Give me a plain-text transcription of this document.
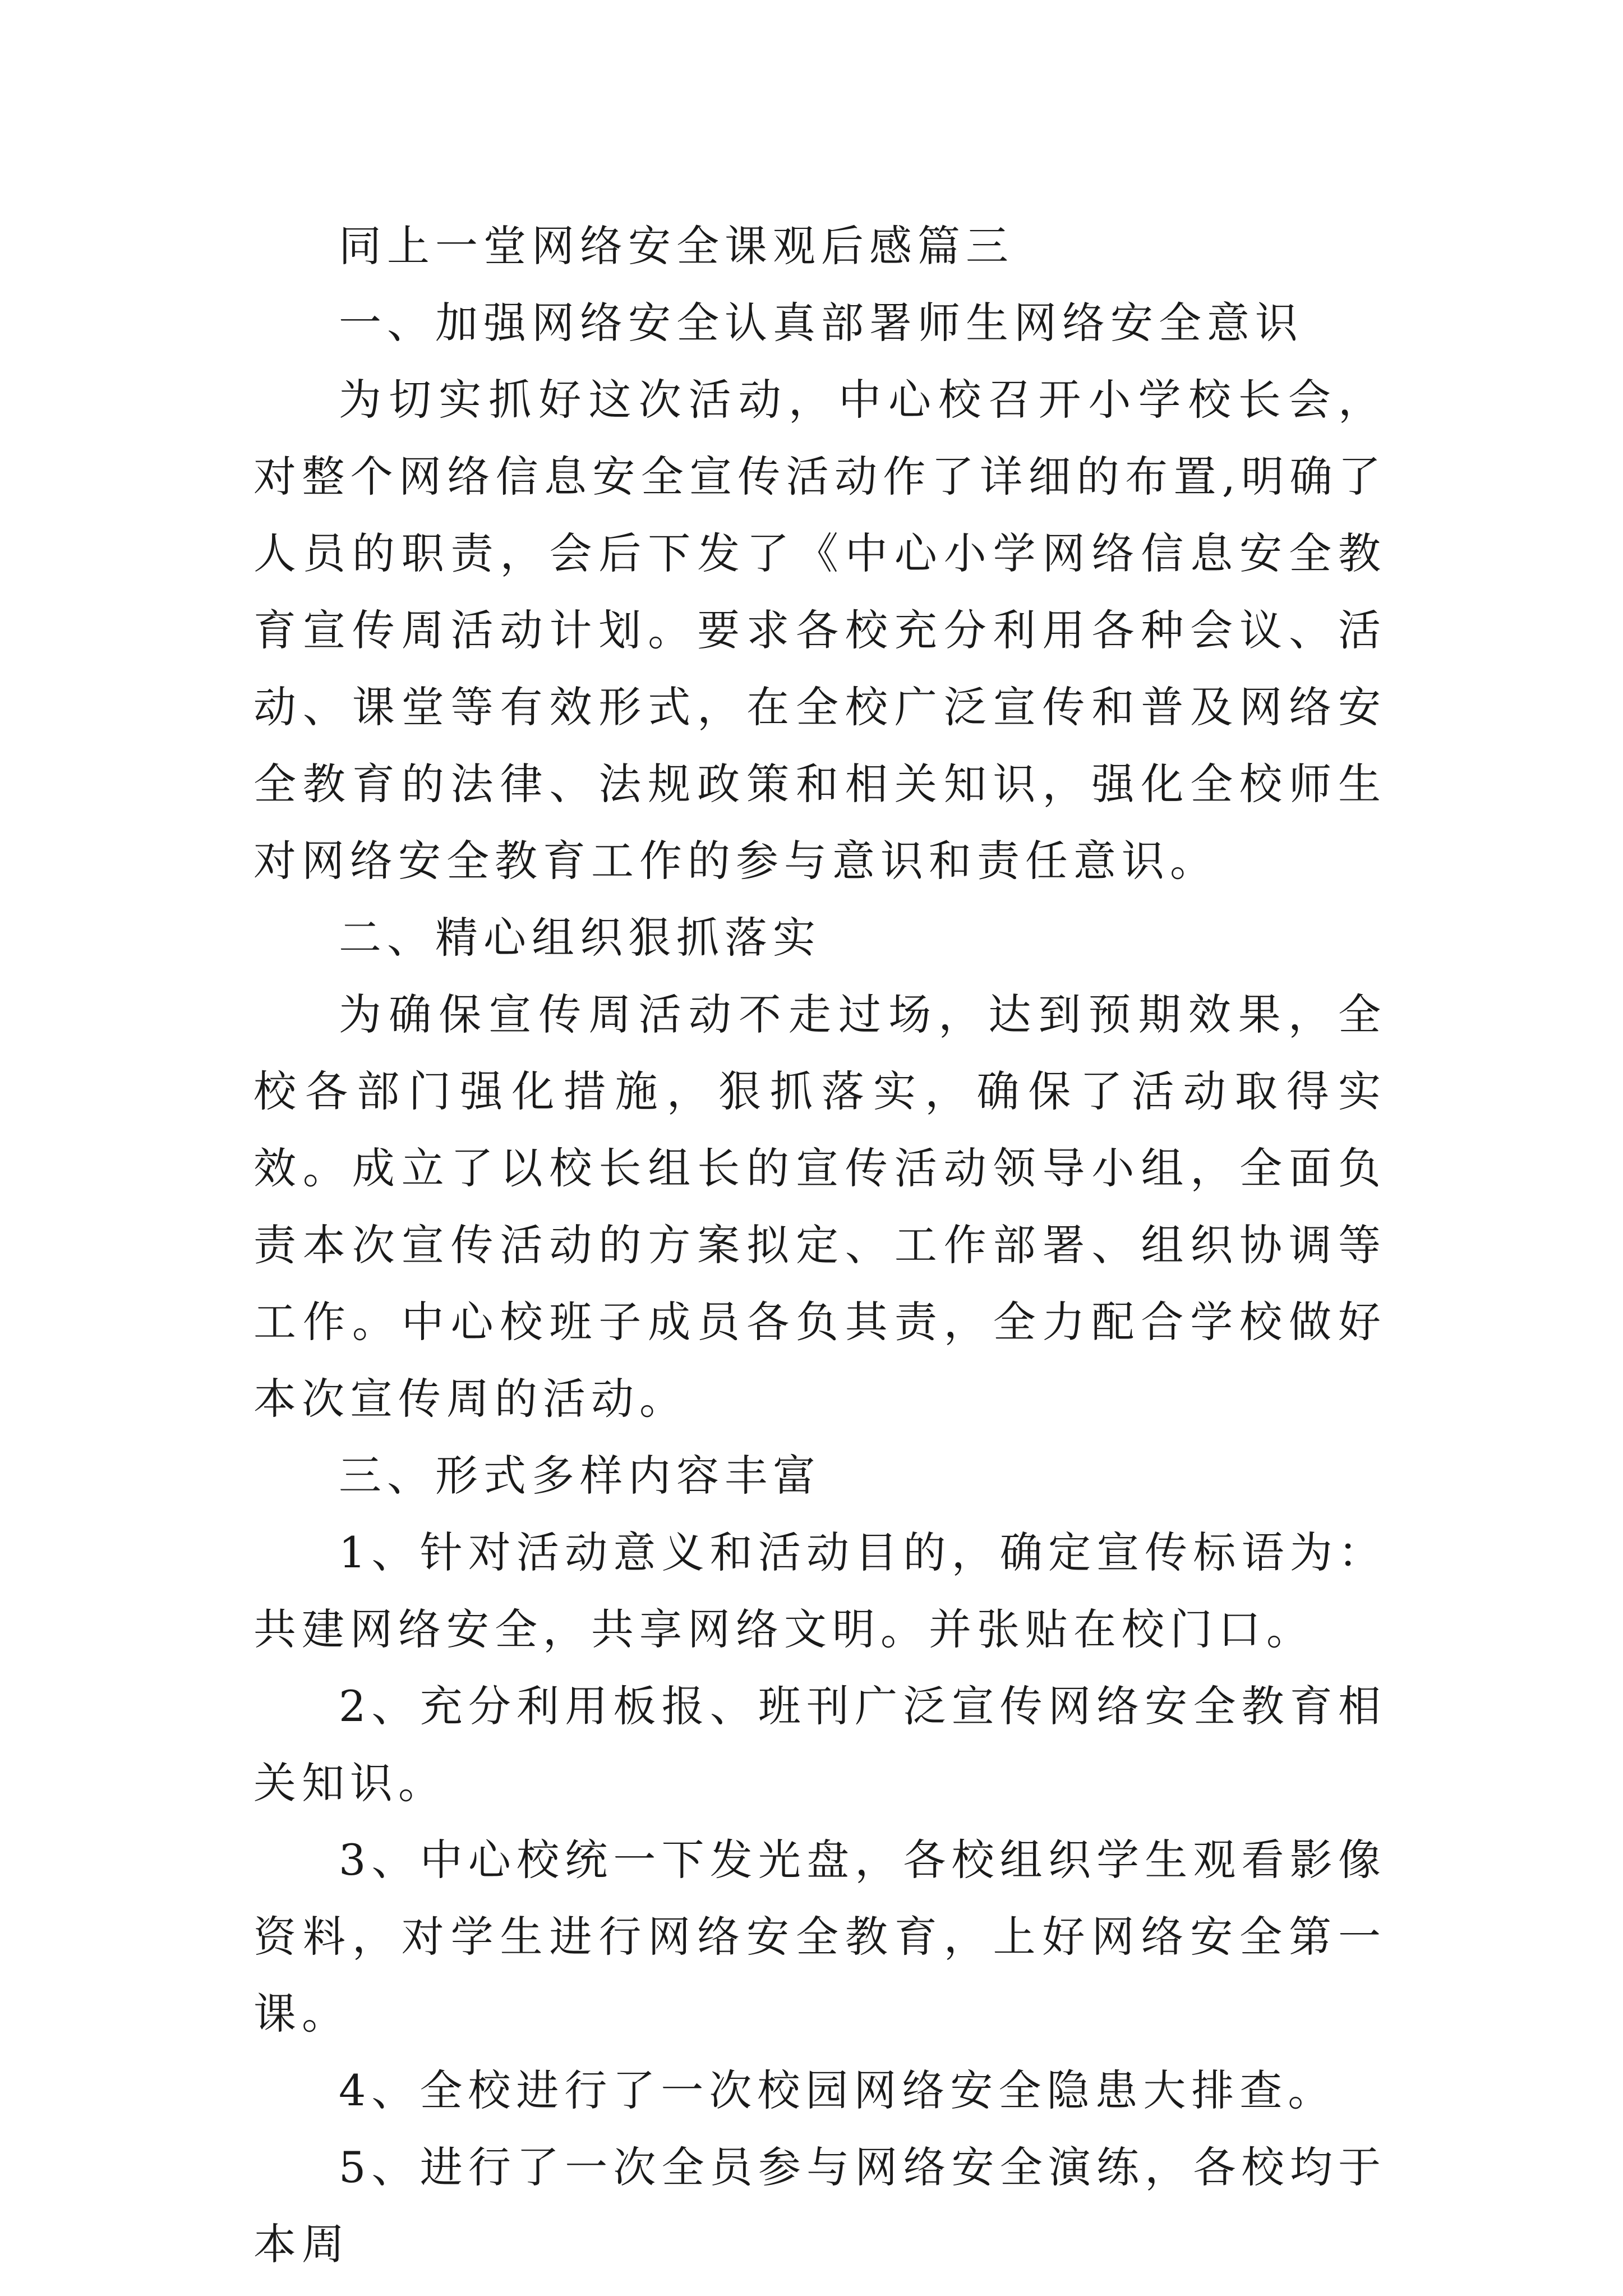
同上一堂网络安全课观后感篇三

一、加强网络安全认真部署师生网络安全意识

为切实抓好这次活动，中心校召开小学校长会，对整个网络信息安全宣传活动作了详细的布置,明确了人员的职责，会后下发了《中心小学网络信息安全教育宣传周活动计划。要求各校充分利用各种会议、活动、课堂等有效形式，在全校广泛宣传和普及网络安全教育的法律、法规政策和相关知识，强化全校师生对网络安全教育工作的参与意识和责任意识。

二、精心组织狠抓落实

为确保宣传周活动不走过场，达到预期效果，全校各部门强化措施，狠抓落实，确保了活动取得实效。成立了以校长组长的宣传活动领导小组，全面负责本次宣传活动的方案拟定、工作部署、组织协调等工作。中心校班子成员各负其责，全力配合学校做好本次宣传周的活动。

三、形式多样内容丰富

1、针对活动意义和活动目的，确定宣传标语为：共建网络安全，共享网络文明。并张贴在校门口。

2、充分利用板报、班刊广泛宣传网络安全教育相关知识。

3、中心校统一下发光盘，各校组织学生观看影像资料，对学生进行网络安全教育，上好网络安全第一课。

4、全校进行了一次校园网络安全隐患大排查。

5、进行了一次全员参与网络安全演练，各校均于本周
